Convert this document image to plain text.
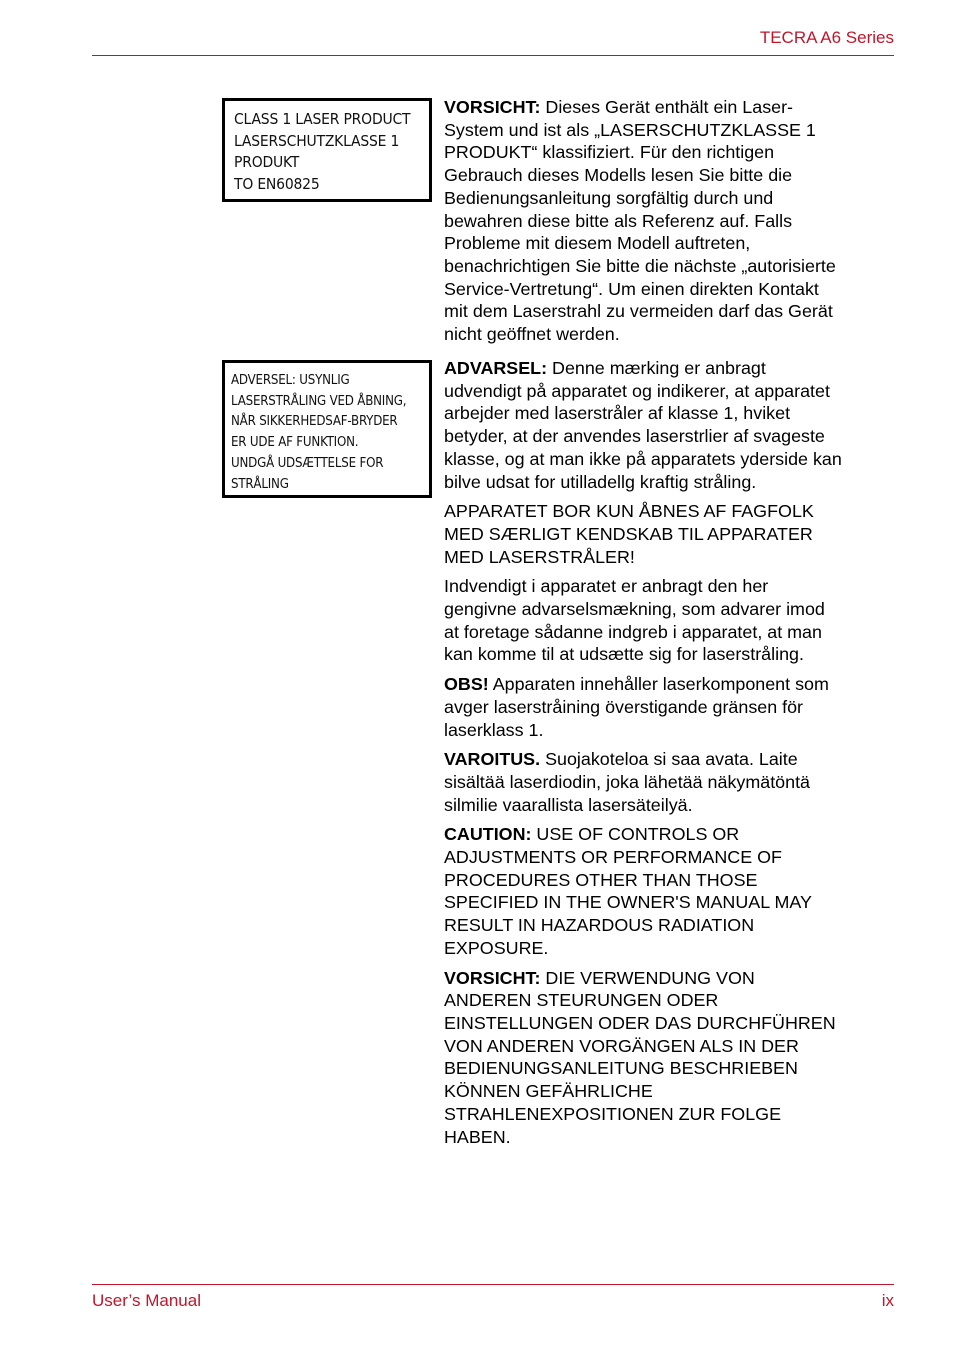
TECRA A6 Series
CLASS 1 LASER PRODUCT
LASERSCHUTZKLASSE 1
PRODUKT
TO EN60825
ADVERSEL: USYNLIG
LASERSTRÅLING VED ÅBNING,
NÅR SIKKERHEDSAF-BRYDER
ER UDE AF FUNKTION.
UNDGÅ UDSÆTTELSE FOR
STRÅLING
VORSICHT: Dieses Gerät enthält ein Laser-
System und ist als „LASERSCHUTZKLASSE 1
PRODUKT“ klassifiziert. Für den richtigen
Gebrauch dieses Modells lesen Sie bitte die
Bedienungsanleitung sorgfältig durch und
bewahren diese bitte als Referenz auf. Falls
Probleme mit diesem Modell auftreten,
benachrichtigen Sie bitte die nächste „autorisierte
Service-Vertretung“. Um einen direkten Kontakt
mit dem Laserstrahl zu vermeiden darf das Gerät
nicht geöffnet werden.
ADVARSEL: Denne mærking er anbragt
udvendigt på apparatet og indikerer, at apparatet
arbejder med laserstråler af klasse 1, hviket
betyder, at der anvendes laserstrlier af svageste
klasse, og at man ikke på apparatets yderside kan
bilve udsat for utilladellg kraftig stråling.
APPARATET BOR KUN ÅBNES AF FAGFOLK
MED SÆRLIGT KENDSKAB TIL APPARATER
MED LASERSTRÅLER!
Indvendigt i apparatet er anbragt den her
gengivne advarselsmækning, som advarer imod
at foretage sådanne indgreb i apparatet, at man
kan komme til at udsætte sig for laserstråling.
OBS! Apparaten innehåller laserkomponent som
avger laserstråining överstigande gränsen för
laserklass 1.
VAROITUS. Suojakoteloa si saa avata. Laite
sisältää laserdiodin, joka lähetää näkymätöntä
silmilie vaarallista lasersäteilyä.
CAUTION: USE OF CONTROLS OR
ADJUSTMENTS OR PERFORMANCE OF
PROCEDURES OTHER THAN THOSE
SPECIFIED IN THE OWNER'S MANUAL MAY
RESULT IN HAZARDOUS RADIATION
EXPOSURE.
VORSICHT: DIE VERWENDUNG VON
ANDEREN STEURUNGEN ODER
EINSTELLUNGEN ODER DAS DURCHFÜHREN
VON ANDEREN VORGÄNGEN ALS IN DER
BEDIENUNGSANLEITUNG BESCHRIEBEN
KÖNNEN GEFÄHRLICHE
STRAHLENEXPOSITIONEN ZUR FOLGE
HABEN.
User’s Manual	ix
